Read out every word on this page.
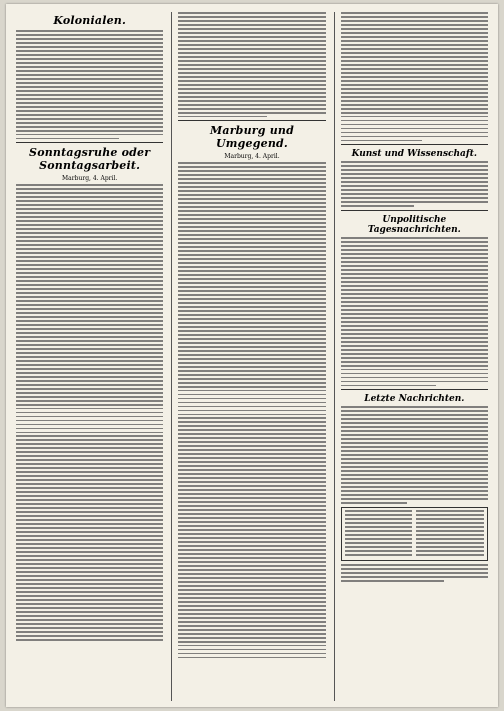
Kolonialen.
Sonntagsruhe oder Sonntagsarbeit.
Marburg, 4. April.
Marburg und Umgegend.
Marburg, 4. April.	Kunst und Wissenschaft.
Unpolitische Tagesnachrichten.
Letzte Nachrichten.
